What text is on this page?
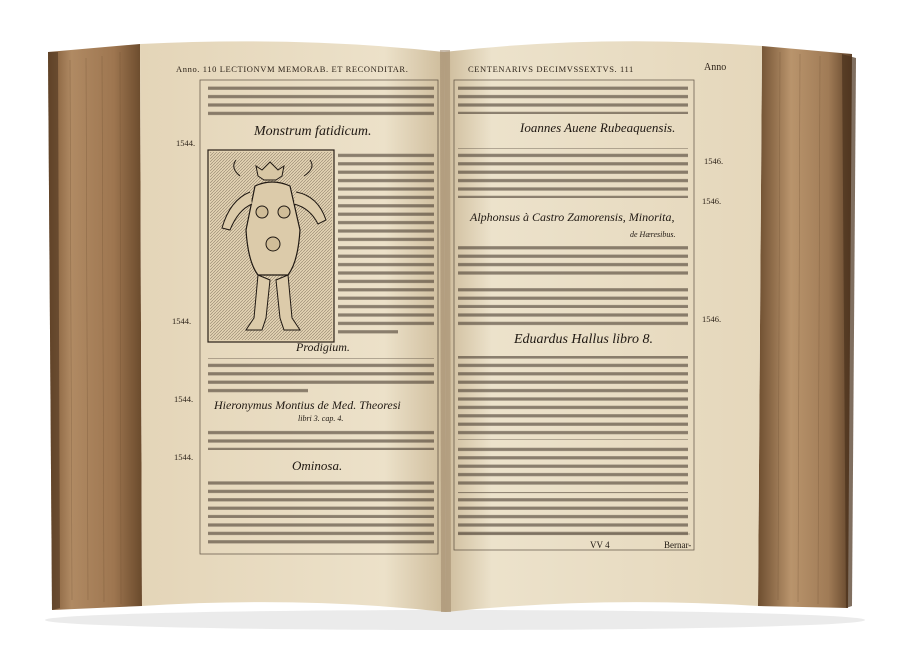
Anno. 110 LECTIONVM MEMORAB. ET RECONDITAR.	CENTENARIVS DECIMVSSEXTVS. 111	Anno
1544.
1544.
1544.
1544.
1546.
1546.
1546.
Monstrum fatidicum.
Prodigium.
Hieronymus Montius de Med. Theoresi
libri 3. cap. 4.
Ominosa.
Ioannes Auene Rubeaquensis.
Alphonsus à Castro Zamorensis, Minorita,
de Hæresibus.
Eduardus Hallus libro 8.
VV 4	Bernar-
